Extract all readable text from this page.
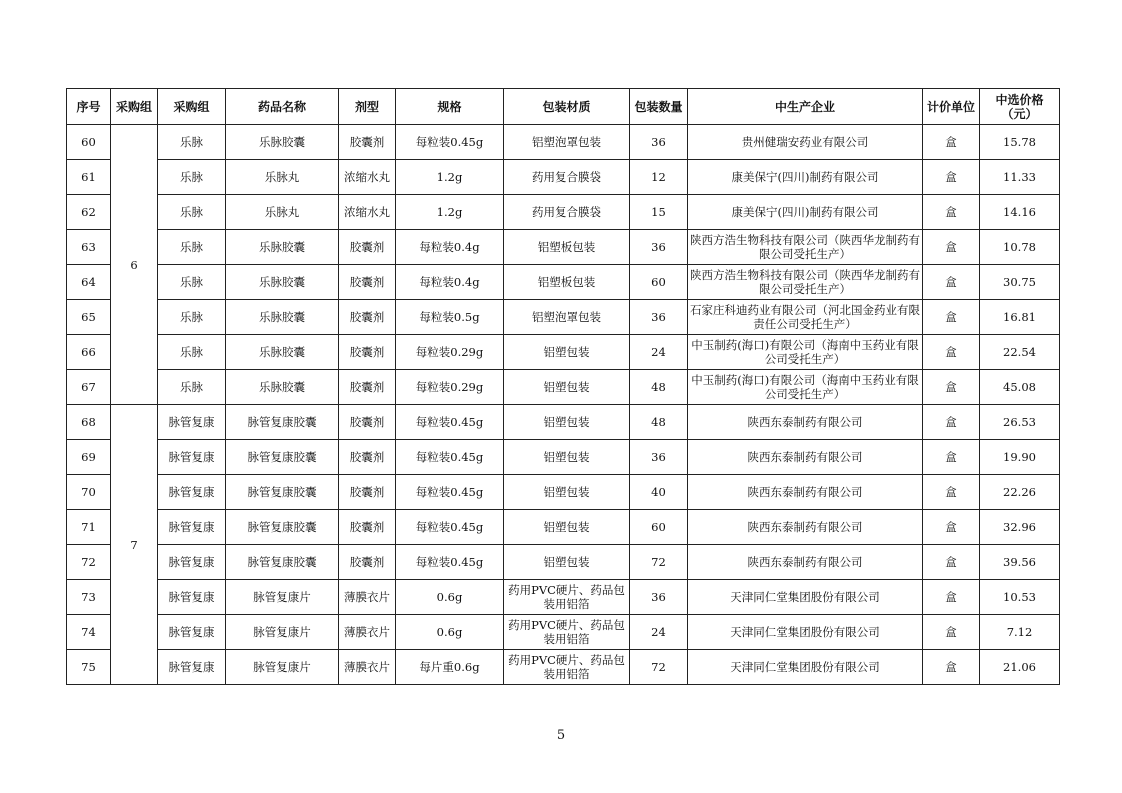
序号	采购组	采购组	药品名称	剂型	规格	包装材质	包装数量	中生产企业	计价单位	中选价格（元）
60	6	乐脉	乐脉胶囊	胶囊剂	每粒装0.45g	铝塑泡罩包装	36	贵州健瑞安药业有限公司	盒	15.78
61		乐脉	乐脉丸	浓缩水丸	1.2g	药用复合膜袋	12	康美保宁(四川)制药有限公司	盒	11.33
62		乐脉	乐脉丸	浓缩水丸	1.2g	药用复合膜袋	15	康美保宁(四川)制药有限公司	盒	14.16
63		乐脉	乐脉胶囊	胶囊剂	每粒装0.4g	铝塑板包装	36	陕西方浩生物科技有限公司（陕西华龙制药有限公司受托生产）	盒	10.78
64		乐脉	乐脉胶囊	胶囊剂	每粒装0.4g	铝塑板包装	60	陕西方浩生物科技有限公司（陕西华龙制药有限公司受托生产）	盒	30.75
65		乐脉	乐脉胶囊	胶囊剂	每粒装0.5g	铝塑泡罩包装	36	石家庄科迪药业有限公司（河北国金药业有限责任公司受托生产）	盒	16.81
66		乐脉	乐脉胶囊	胶囊剂	每粒装0.29g	铝塑包装	24	中玉制药(海口)有限公司（海南中玉药业有限公司受托生产）	盒	22.54
67		乐脉	乐脉胶囊	胶囊剂	每粒装0.29g	铝塑包装	48	中玉制药(海口)有限公司（海南中玉药业有限公司受托生产）	盒	45.08
68	7	脉管复康	脉管复康胶囊	胶囊剂	每粒装0.45g	铝塑包装	48	陕西东泰制药有限公司	盒	26.53
69		脉管复康	脉管复康胶囊	胶囊剂	每粒装0.45g	铝塑包装	36	陕西东泰制药有限公司	盒	19.90
70		脉管复康	脉管复康胶囊	胶囊剂	每粒装0.45g	铝塑包装	40	陕西东泰制药有限公司	盒	22.26
71		脉管复康	脉管复康胶囊	胶囊剂	每粒装0.45g	铝塑包装	60	陕西东泰制药有限公司	盒	32.96
72		脉管复康	脉管复康胶囊	胶囊剂	每粒装0.45g	铝塑包装	72	陕西东泰制药有限公司	盒	39.56
73		脉管复康	脉管复康片	薄膜衣片	0.6g	药用PVC硬片、药品包装用铝箔	36	天津同仁堂集团股份有限公司	盒	10.53
74		脉管复康	脉管复康片	薄膜衣片	0.6g	药用PVC硬片、药品包装用铝箔	24	天津同仁堂集团股份有限公司	盒	7.12
75		脉管复康	脉管复康片	薄膜衣片	每片重0.6g	药用PVC硬片、药品包装用铝箔	72	天津同仁堂集团股份有限公司	盒	21.06
5
